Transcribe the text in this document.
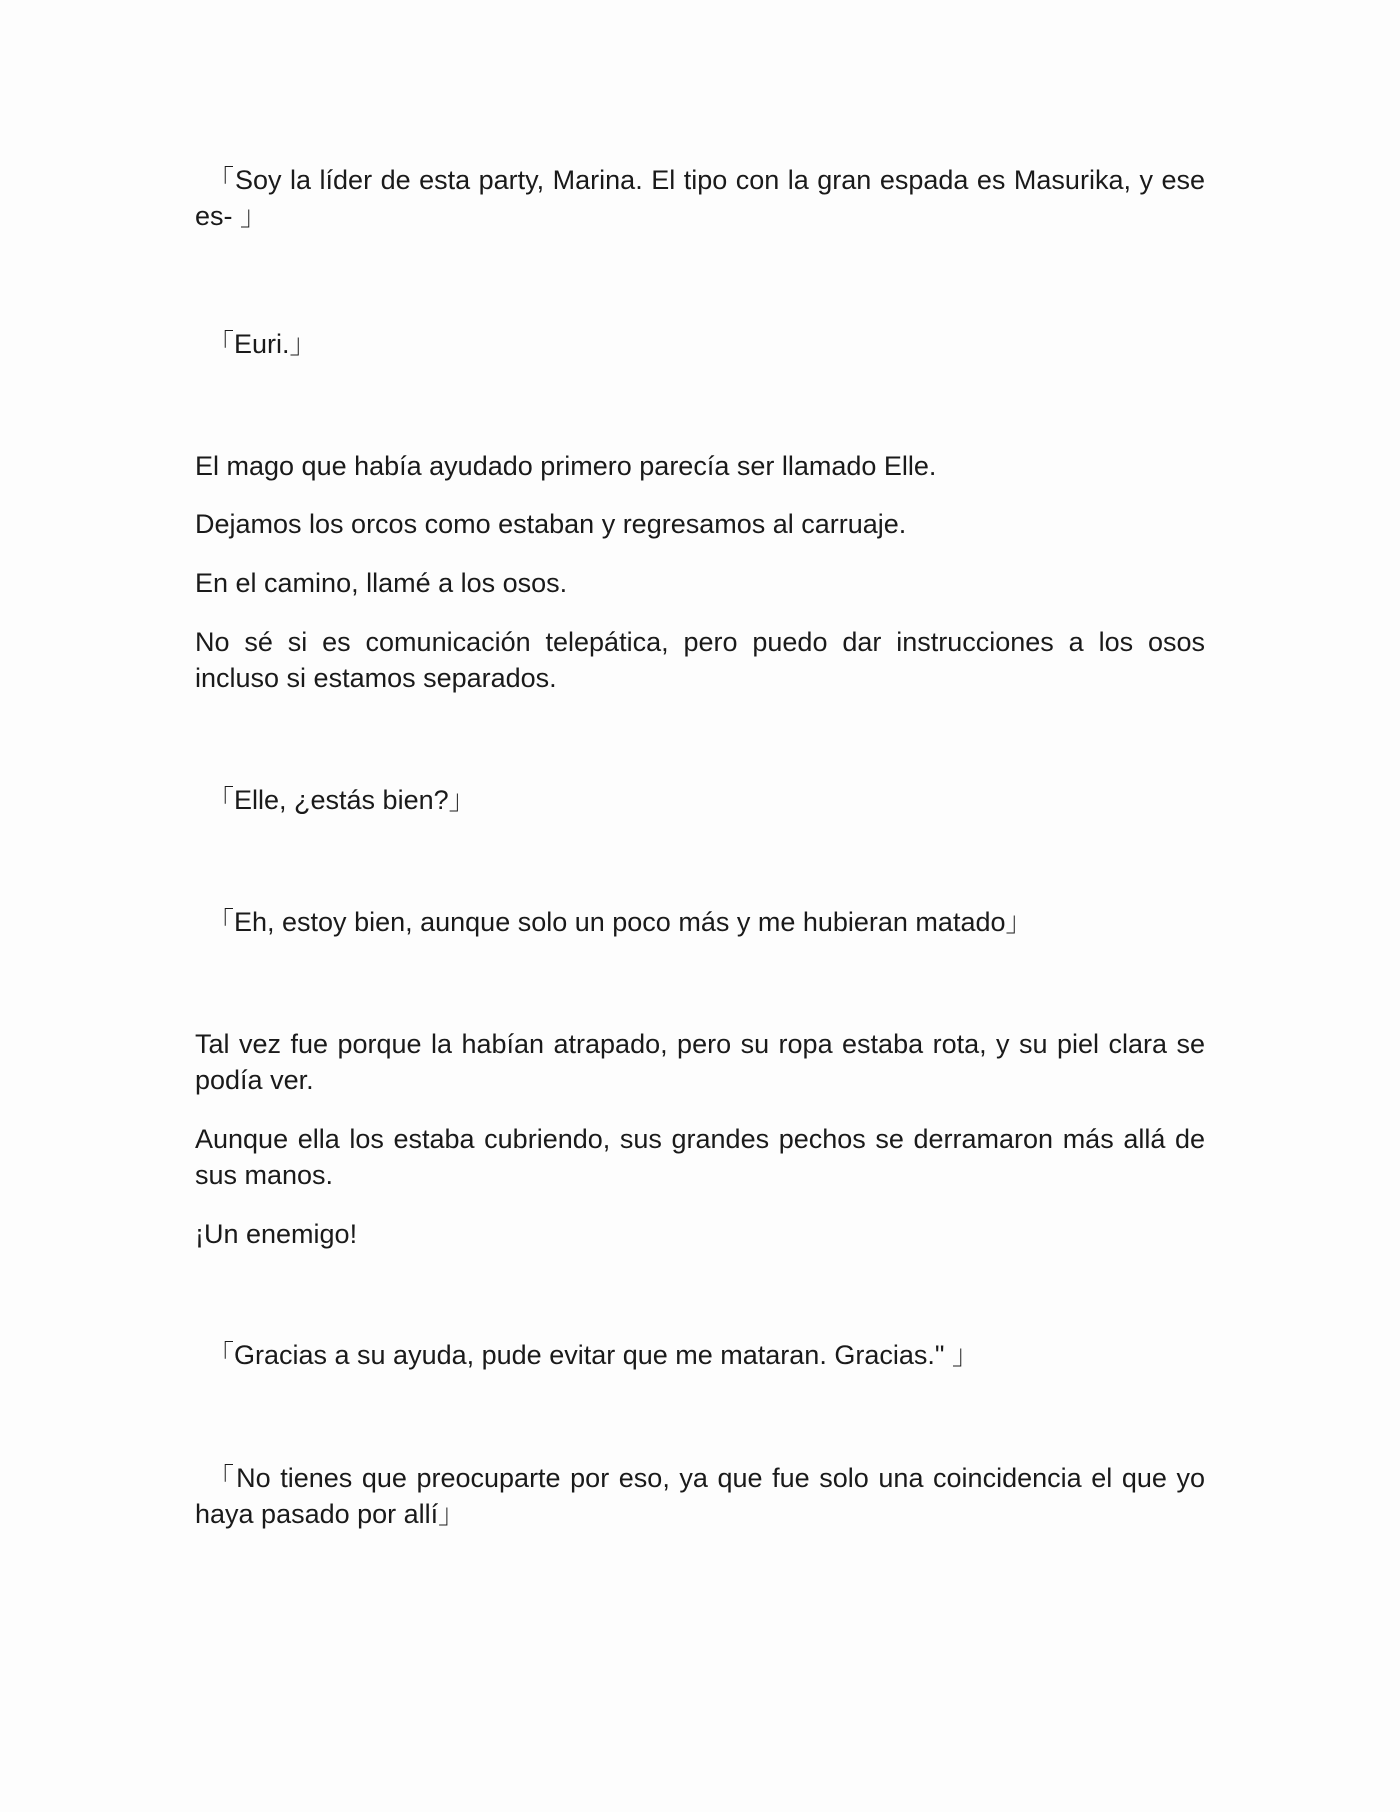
「Soy la líder de esta party, Marina. El tipo con la gran espada es Masurika, y ese es- 」

「Euri.」

El mago que había ayudado primero parecía ser llamado Elle.

Dejamos los orcos como estaban y regresamos al carruaje.

En el camino, llamé a los osos.

No sé si es comunicación telepática, pero puedo dar instrucciones a los osos incluso si estamos separados.

「Elle, ¿estás bien?」

「Eh, estoy bien, aunque solo un poco más y me hubieran matado」

Tal vez fue porque la habían atrapado, pero su ropa estaba rota, y su piel clara se podía ver.

Aunque ella los estaba cubriendo, sus grandes pechos se derramaron más allá de sus manos.

¡Un enemigo!

「Gracias a su ayuda, pude evitar que me mataran. Gracias." 」

「No tienes que preocuparte por eso, ya que fue solo una coincidencia el que yo haya pasado por allí」
